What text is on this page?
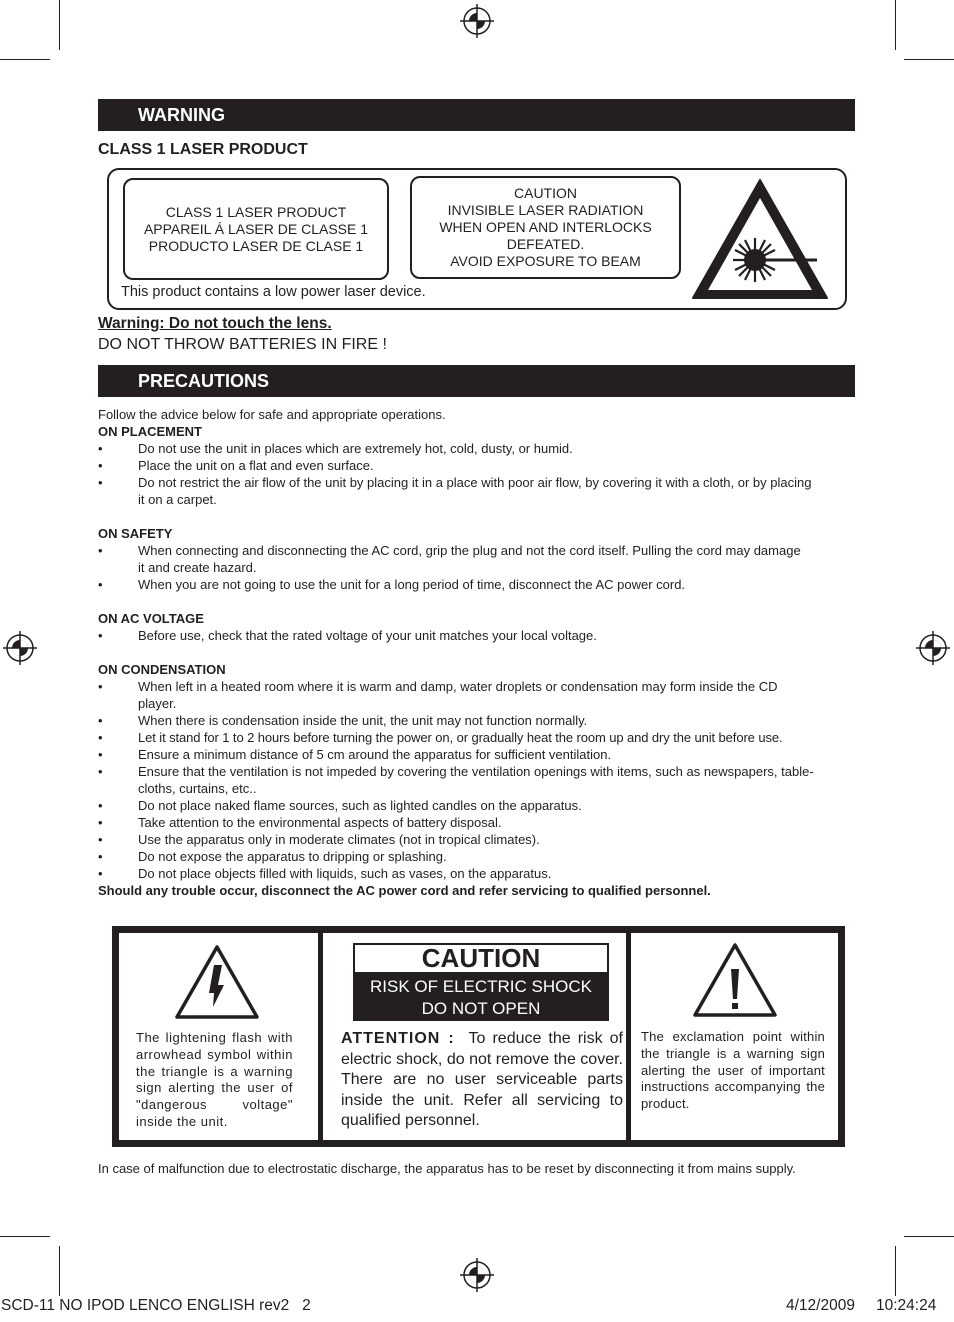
WARNING
CLASS 1 LASER PRODUCT
CLASS 1 LASER PRODUCT
APPAREIL Á LASER DE CLASSE 1
PRODUCTO LASER DE CLASE 1
CAUTION
INVISIBLE LASER RADIATION
WHEN OPEN AND INTERLOCKS
DEFEATED.
AVOID EXPOSURE TO BEAM
This product contains a low power laser device.
Warning: Do not touch the lens.
DO NOT THROW BATTERIES IN FIRE !
PRECAUTIONS

Follow the advice below for safe and appropriate operations.

ON PLACEMENT

• Do not use the unit in places which are extremely hot, cold, dusty, or humid.

• Place the unit on a flat and even surface.

• Do not restrict the air flow of the unit by placing it in a place with poor air flow, by covering it with a cloth, or by placing it on a carpet.

ON SAFETY

• When connecting and disconnecting the AC cord, grip the plug and not the cord itself. Pulling the cord may damage it and create hazard.

• When you are not going to use the unit for a long period of time, disconnect the AC power cord.

ON AC VOLTAGE

• Before use, check that the rated voltage of your unit matches your local voltage.

ON CONDENSATION

• When left in a heated room where it is warm and damp, water droplets or condensation may form inside the CD player.

• When there is condensation inside the unit, the unit may not function normally.

• Let it stand for 1 to 2 hours before turning the power on, or gradually heat the room up and dry the unit before use.

• Ensure a minimum distance of 5 cm around the apparatus for sufficient ventilation.

• Ensure that the ventilation is not impeded by covering the ventilation openings with items, such as newspapers, table-cloths, curtains, etc..

• Do not place naked flame sources, such as lighted candles on the apparatus.

• Take attention to the environmental aspects of battery disposal.

• Use the apparatus only in moderate climates (not in tropical climates).

• Do not expose the apparatus to dripping or splashing.

• Do not place objects filled with liquids, such as vases, on the apparatus.

Should any trouble occur, disconnect the AC power cord and refer servicing to qualified personnel.

The lightening flash with arrowhead symbol within the triangle is a warning sign alerting the user of "dangerous voltage" inside the unit.
CAUTION
RISK OF ELECTRIC SHOCK
DO NOT OPEN
ATTENTION : To reduce the risk of electric shock, do not remove the cover. There are no user serviceable parts inside the unit. Refer all servicing to qualified personnel.
The exclamation point within the triangle is a warning sign alerting the user of important instructions accompanying the product.
In case of malfunction due to electrostatic discharge, the apparatus has to be reset by disconnecting it from mains supply.
SCD-11 NO IPOD LENCO ENGLISH rev2   2	4/12/2009 10:24:24
